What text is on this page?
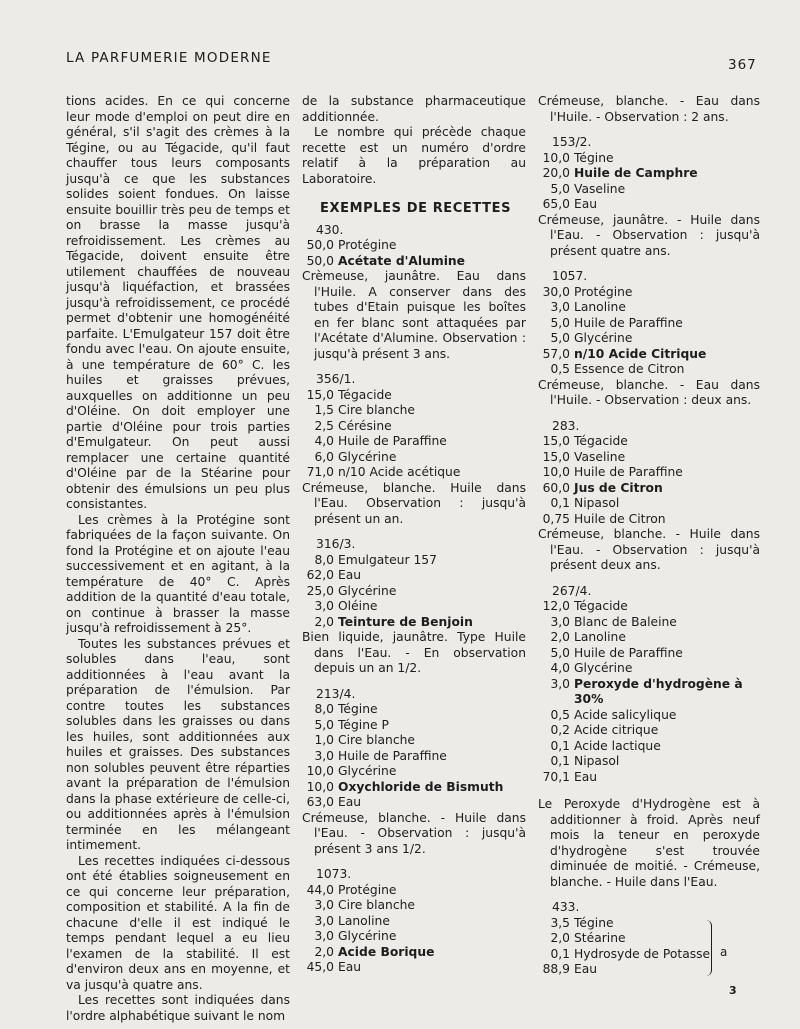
LA PARFUMERIE MODERNE	367

tions acides. En ce qui concerne leur mode d'emploi on peut dire en général, s'il s'agit des crèmes à la Tégine, ou au Tégacide, qu'il faut chauffer tous leurs composants jusqu'à ce que les substances solides soient fondues. On laisse ensuite bouillir très peu de temps et on brasse la masse jusqu'à refroidissement. Les crèmes au Tégacide, doivent ensuite être utilement chauffées de nouveau jusqu'à liquéfaction, et brassées jusqu'à refroidissement, ce procédé permet d'obtenir une homogénéité parfaite. L'Emulgateur 157 doit être fondu avec l'eau. On ajoute ensuite, à une température de 60° C. les huiles et graisses prévues, auxquelles on additionne un peu d'Oléine. On doit employer une partie d'Oléine pour trois parties d'Emulgateur. On peut aussi remplacer une certaine quantité d'Oléine par de la Stéarine pour obtenir des émulsions un peu plus consistantes.

Les crèmes à la Protégine sont fabriquées de la façon suivante. On fond la Protégine et on ajoute l'eau successivement et en agitant, à la température de 40° C. Après addition de la quantité d'eau totale, on continue à brasser la masse jusqu'à refroidissement à 25°.

Toutes les substances prévues et solubles dans l'eau, sont additionnées à l'eau avant la préparation de l'émulsion. Par contre toutes les substances solubles dans les graisses ou dans les huiles, sont additionnées aux huiles et graisses. Des substances non solubles peuvent être réparties avant la préparation de l'émulsion dans la phase extérieure de celle-ci, ou additionnées après à l'émulsion terminée en les mélangeant intimement.

Les recettes indiquées ci-dessous ont été établies soigneusement en ce qui concerne leur préparation, composition et stabilité. A la fin de chacune d'elle il est indiqué le temps pendant lequel a eu lieu l'examen de la stabilité. Il est d'environ deux ans en moyenne, et va jusqu'à quatre ans.

Les recettes sont indiquées dans l'ordre alphabétique suivant le nom

de la substance pharmaceutique additionnée.

Le nombre qui précède chaque recette est un numéro d'ordre relatif à la préparation au Laboratoire.

EXEMPLES DE RECETTES
430.
50,0 Protégine
50,0 Acétate d'Alumine
Crèmeuse, jaunâtre. Eau dans l'Huile. A conserver dans des tubes d'Etain puisque les boîtes en fer blanc sont attaquées par l'Acétate d'Alumine. Observation : jusqu'à présent 3 ans.
356/1.
15,0 Tégacide
1,5 Cire blanche
2,5 Cérésine
4,0 Huile de Paraffine
6,0 Glycérine
71,0 n/10 Acide acétique
Crémeuse, blanche. Huile dans l'Eau. Observation : jusqu'à présent un an.
316/3.
8,0 Emulgateur 157
62,0 Eau
25,0 Glycérine
3,0 Oléine
2,0 Teinture de Benjoin
Bien liquide, jaunâtre. Type Huile dans l'Eau. - En observation depuis un an 1/2.
213/4.
8,0 Tégine
5,0 Tégine P
1,0 Cire blanche
3,0 Huile de Paraffine
10,0 Glycérine
10,0 Oxychloride de Bismuth
63,0 Eau
Crémeuse, blanche. - Huile dans l'Eau. - Observation : jusqu'à présent 3 ans 1/2.
1073.
44,0 Protégine
3,0 Cire blanche
3,0 Lanoline
3,0 Glycérine
2,0 Acide Borique
45,0 Eau
Crémeuse, blanche. - Eau dans l'Huile. - Observation : 2 ans.
153/2.
10,0 Tégine
20,0 Huile de Camphre
5,0 Vaseline
65,0 Eau
Crémeuse, jaunâtre. - Huile dans l'Eau. - Observation : jusqu'à présent quatre ans.
1057.
30,0 Protégine
3,0 Lanoline
5,0 Huile de Paraffine
5,0 Glycérine
57,0 n/10 Acide Citrique
0,5 Essence de Citron
Crémeuse, blanche. - Eau dans l'Huile. - Observation : deux ans.
283.
15,0 Tégacide
15,0 Vaseline
10,0 Huile de Paraffine
60,0 Jus de Citron
0,1 Nipasol
0,75 Huile de Citron
Crémeuse, blanche. - Huile dans l'Eau. - Observation : jusqu'à présent deux ans.
267/4.
12,0 Tégacide
3,0 Blanc de Baleine
2,0 Lanoline
5,0 Huile de Paraffine
4,0 Glycérine
3,0 Peroxyde d'hydrogène à
30%
0,5 Acide salicylique
0,2 Acide citrique
0,1 Acide lactique
0,1 Nipasol
70,1 Eau
Le Peroxyde d'Hydrogène est à additionner à froid. Après neuf mois la teneur en peroxyde d'hydrogène s'est trouvée diminuée de moitié. - Crémeuse, blanche. - Huile dans l'Eau.
433.
3,5 Tégine
2,0 Stéarine
0,1 Hydrosyde de Potasse
88,9 Eau
a
3
